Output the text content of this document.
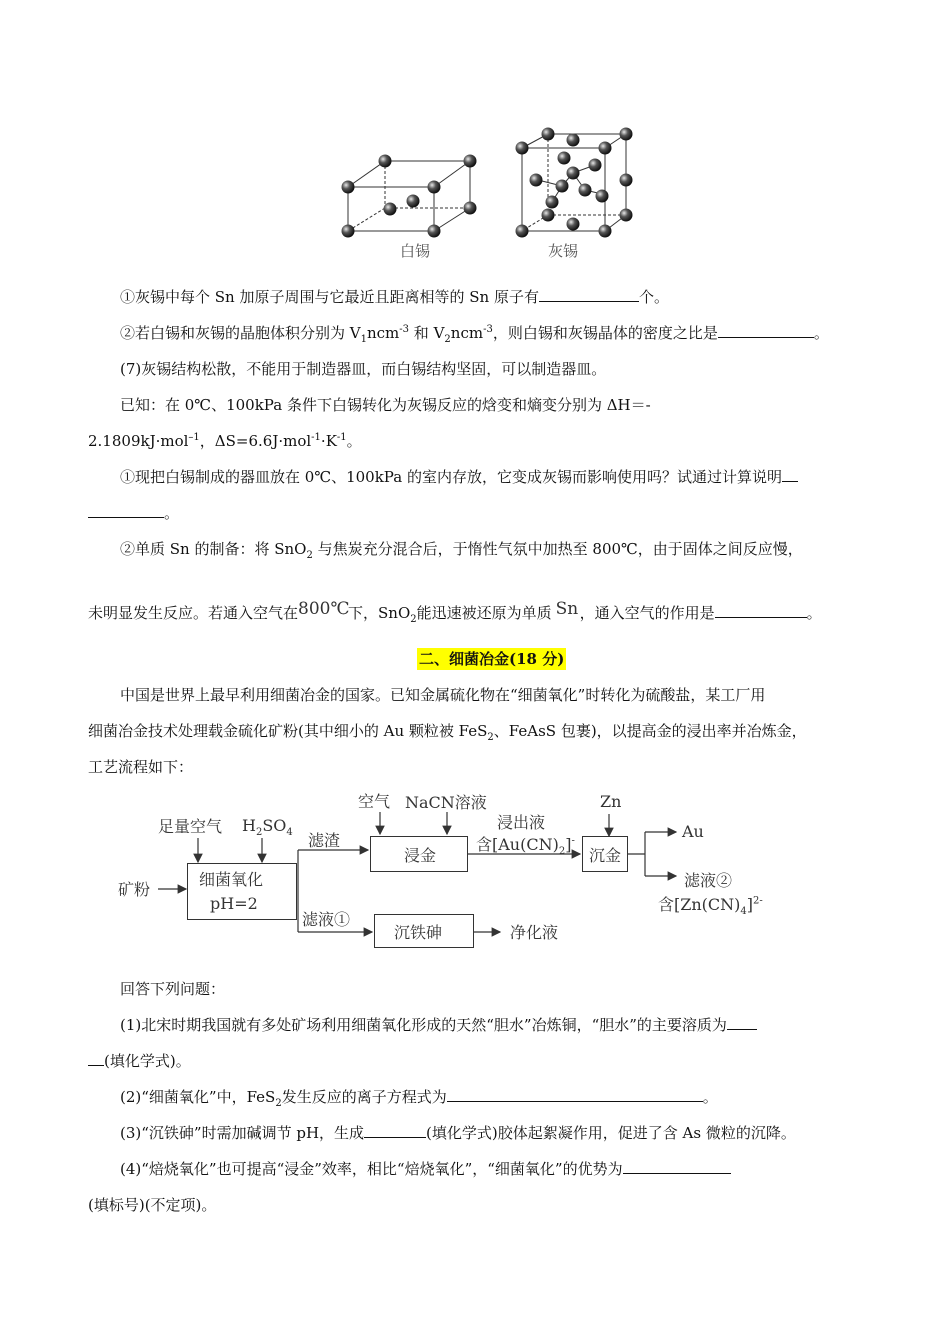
白锡	灰锡
①灰锡中每个 Sn 加原子周围与它最近且距离相等的 Sn 原子有	个。
②若白锡和灰锡的晶胞体积分别为 $V_1ncm^{-3}$ 和 $V_2ncm^{-3}$，则白锡和灰锡晶体的密度之比是	。
(7)灰锡结构松散，不能用于制造器皿，而白锡结构坚固，可以制造器皿。
已知：在 0℃、100kPa 条件下白锡转化为灰锡反应的焓变和熵变分别为 ΔH＝-
2.1809kJ·mol$^{-1}$，$\Delta S=6.6J\cdot mol^{-1}\cdot K^{-1}$。
①现把白锡制成的器皿放在 0℃、100kPa 的室内存放，它变成灰锡而影响使用吗？试通过计算说明
。
②单质 Sn 的制备：将 SnO$_2$ 与焦炭充分混合后，于惰性气氛中加热至 800℃，由于固体之间反应慢，
未明显发生反应。若通入空气在 800℃
下，SnO$_2$能迅速被还原为单质 Sn ，通入空气的作用是	。
二、细菌冶金(18 分)
中国是世界上最早利用细菌冶金的国家。已知金属硫化物在“细菌氧化”时转化为硫酸盐，某工厂用
细菌冶金技术处理载金硫化矿粉(其中细小的 Au 颗粒被 FeS$_2$、FeAsS 包裹)，以提高金的浸出率并冶炼金，
工艺流程如下：
细菌氧化
pH=2
浸金	沉金
沉铁砷
矿粉
足量空气 $H_2SO_4$ 滤渣
滤液①
空气 NaCN溶液
浸出液
含$[Au(CN)_2]^-$
Zn
Au
滤液②
含$[Zn(CN)_4]^{2-}$
净化液
回答下列问题：
(1)北宋时期我国就有多处矿场利用细菌氧化形成的天然“胆水”冶炼铜，“胆水”的主要溶质为
(填化学式)。
(2)“细菌氧化”中，FeS$_2$发生反应的离子方程式为	。
(3)“沉铁砷”时需加碱调节 pH，生成	(填化学式)胶体起絮凝作用，促进了含 As 微粒的沉降。
(4)“焙烧氧化”也可提高“浸金”效率，相比“焙烧氧化”，“细菌氧化”的优势为
(填标号)(不定项)。
